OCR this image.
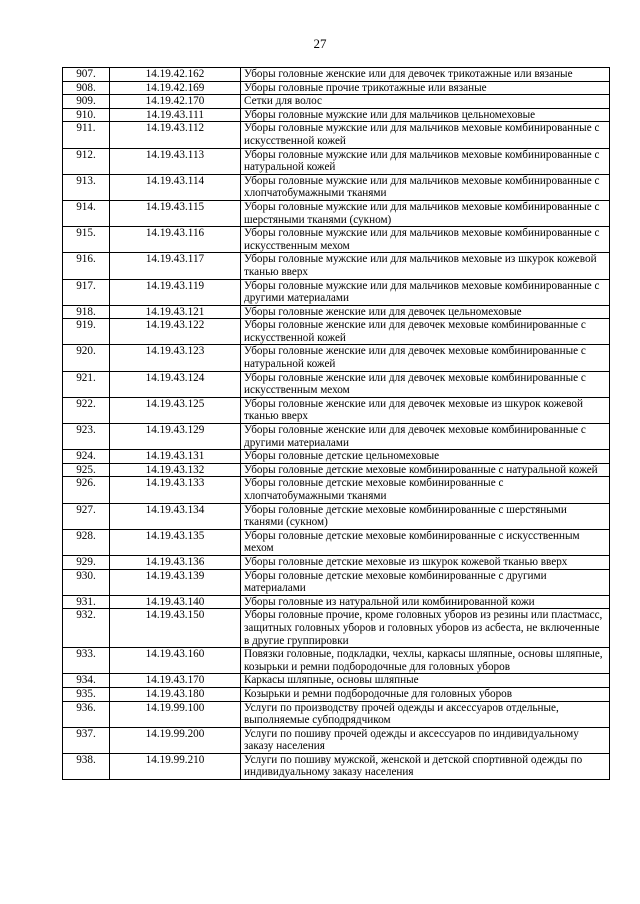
27
907.	14.19.42.162	Уборы головные женские или для девочек трикотажные или вязаные
908.	14.19.42.169	Уборы головные прочие трикотажные или вязаные
909.	14.19.42.170	Сетки для волос
910.	14.19.43.111	Уборы головные мужские или для мальчиков цельномеховые
911.	14.19.43.112	Уборы головные мужские или для мальчиков меховые комбинированные с искусственной кожей
912.	14.19.43.113	Уборы головные мужские или для мальчиков меховые комбинированные с натуральной кожей
913.	14.19.43.114	Уборы головные мужские или для мальчиков меховые комбинированные с хлопчатобумажными тканями
914.	14.19.43.115	Уборы головные мужские или для мальчиков меховые комбинированные с шерстяными тканями (сукном)
915.	14.19.43.116	Уборы головные мужские или для мальчиков меховые комбинированные с искусственным мехом
916.	14.19.43.117	Уборы головные мужские или для мальчиков меховые из шкурок кожевой тканью вверх
917.	14.19.43.119	Уборы головные мужские или для мальчиков меховые комбинированные с другими материалами
918.	14.19.43.121	Уборы головные женские или для девочек цельномеховые
919.	14.19.43.122	Уборы головные женские или для девочек меховые комбинированные с искусственной кожей
920.	14.19.43.123	Уборы головные женские или для девочек меховые комбинированные с натуральной кожей
921.	14.19.43.124	Уборы головные женские или для девочек меховые комбинированные с искусственным мехом
922.	14.19.43.125	Уборы головные женские или для девочек меховые из шкурок кожевой тканью вверх
923.	14.19.43.129	Уборы головные женские или для девочек меховые комбинированные с другими материалами
924.	14.19.43.131	Уборы головные детские цельномеховые
925.	14.19.43.132	Уборы головные детские меховые комбинированные с натуральной кожей
926.	14.19.43.133	Уборы головные детские меховые комбинированные с хлопчатобумажными тканями
927.	14.19.43.134	Уборы головные детские меховые комбинированные с шерстяными тканями (сукном)
928.	14.19.43.135	Уборы головные детские меховые комбинированные с искусственным мехом
929.	14.19.43.136	Уборы головные детские меховые из шкурок кожевой тканью вверх
930.	14.19.43.139	Уборы головные детские меховые комбинированные с другими материалами
931.	14.19.43.140	Уборы головные из натуральной или комбинированной кожи
932.	14.19.43.150	Уборы головные прочие, кроме головных уборов из резины или пластмасс, защитных головных уборов и головных уборов из асбеста, не включенные в другие группировки
933.	14.19.43.160	Повязки головные, подкладки, чехлы, каркасы шляпные, основы шляпные, козырьки и ремни подбородочные для головных уборов
934.	14.19.43.170	Каркасы шляпные, основы шляпные
935.	14.19.43.180	Козырьки и ремни подбородочные для головных уборов
936.	14.19.99.100	Услуги по производству прочей одежды и аксессуаров отдельные, выполняемые субподрядчиком
937.	14.19.99.200	Услуги по пошиву прочей одежды и аксессуаров по индивидуальному заказу населения
938.	14.19.99.210	Услуги по пошиву мужской, женской и детской спортивной одежды по индивидуальному заказу населения
